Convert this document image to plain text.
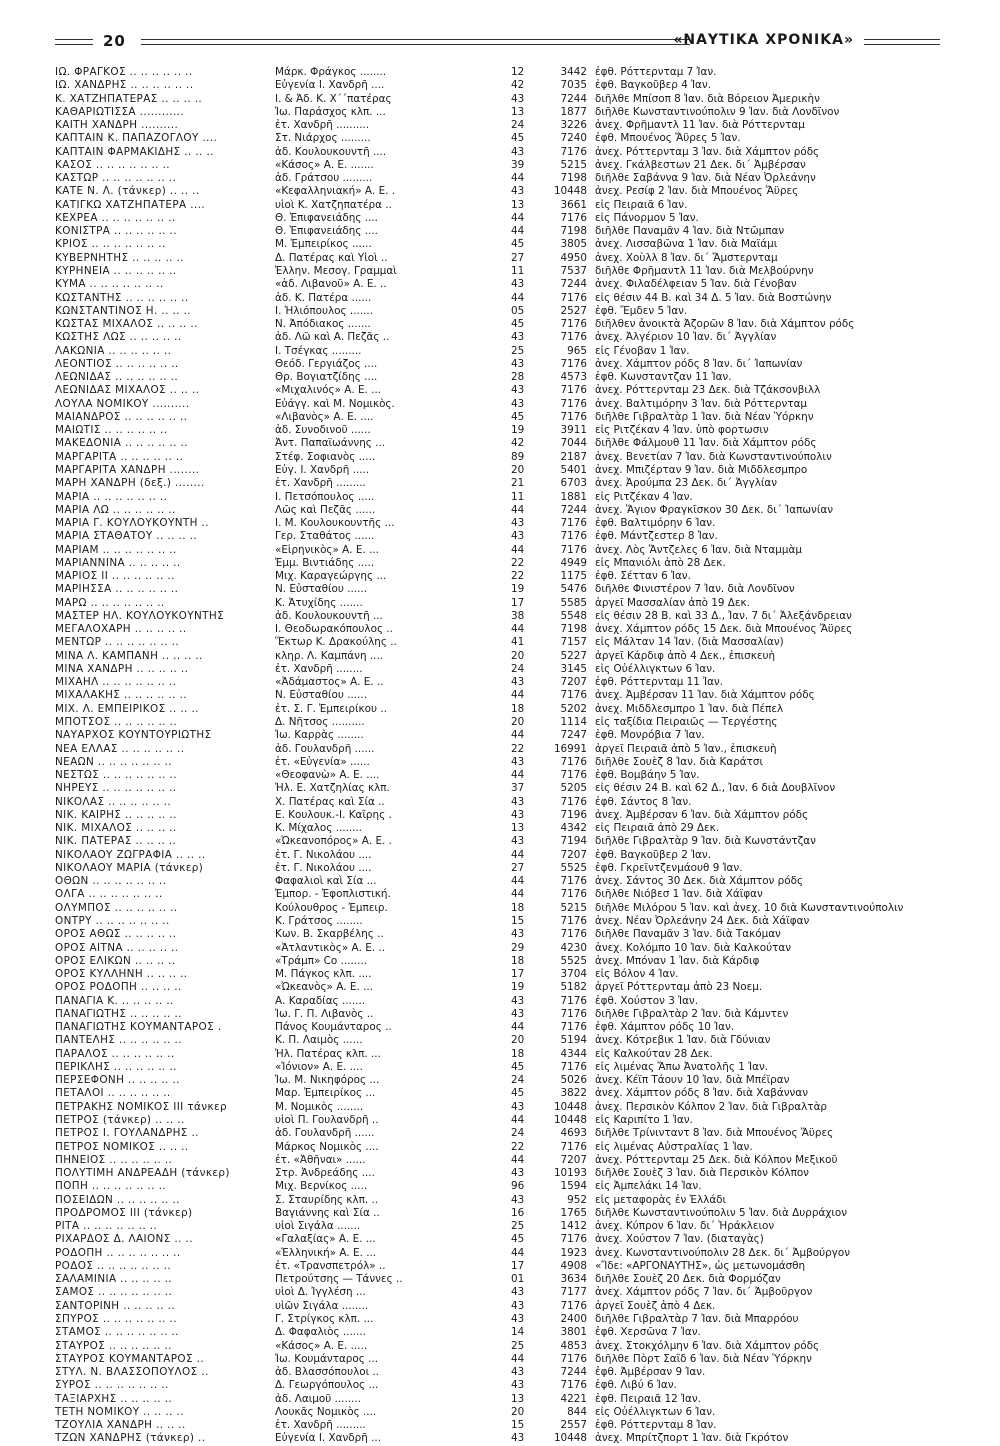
20	«ΝΑΥΤΙΚΑ ΧΡΟΝΙΚΑ»
ΙΩ. ΦΡΑΓΚΟΣ .. .. .. .. .. ..	Μάρκ. Φράγκος ........	12	3442 ἐφθ. Ρόττερνταμ 7 Ἰαν.
ΙΩ. ΧΑΝΔΡΗΣ .. .. .. .. .. ..	Εὐγενία Ι. Χανδρῆ ....	42	7035 ἐφθ. Βαγκοῦβερ 4 Ἰαν.
Κ. ΧΑΤΖΗΠΑΤΕΡΑΣ .. .. .. ..	Ι. & Ἀδ. Κ. Χ΄΄πατέρας	43	7244 διῆλθε Μπίσοπ 8 Ἰαν. διὰ Βόρειον Ἀμερικὴν
ΚΑΘΑΡΙΩΤΙΣΣΑ ............	Ἰω. Παράσχος κλπ. ...	13	1877 διῆλθε Κωνσταντινούπολιν 9 Ἰαν. διὰ Λονδῖνον
ΚΑΙΤΗ ΧΑΝΔΡΗ ..........	ἐτ. Χανδρῆ ..........	24	3226 ἀνεχ. Φρῆμαντλ 11 Ἰαν. διὰ Ρόττερνταμ
ΚΑΠΤΑΙΝ Κ. ΠΑΠΑΖΟΓΛΟΥ ....	Στ. Νιάρχος .........	45	7240 ἐφθ. Μπουένος Ἄϋρες 5 Ἰαν.
ΚΑΠΤΑΙΝ ΦΑΡΜΑΚΙΔΗΣ .. .. ..	ἀδ. Κουλουκουντῆ ....	43	7176 ἀνεχ. Ρόττερνταμ 3 Ἰαν. διὰ Χάμπτον ρόδς
ΚΑΣΟΣ .. .. .. .. .. .. ..	«Κάσος» Α. Ε. .......	39	5215 ἀνεχ. Γκάλβεστων 21 Δεκ. δι΄ Ἀμβέρσαν
ΚΑΣΤΩΡ .. .. .. .. .. .. ..	ἀδ. Γράτσου .........	44	7198 διῆλθε Σαβάννα 9 Ἰαν. διὰ Νέαν Ὀρλεάνην
ΚΑΤΕ Ν. Λ. (τάνκερ) .. .. ..	«Κεφαλληνιακή» Α. Ε. .	43	10448 ἀνεχ. Ρεσίφ 2 Ἰαν. διὰ Μπουένος Ἄϋρες
ΚΑΤΙΓΚΩ ΧΑΤΖΗΠΑΤΕΡΑ ....	υἱοὶ Κ. Χατζηπατέρα ..	13	3661 εἰς Πειραιᾶ 6 Ἰαν.
ΚΕΧΡΕΑ .. .. .. .. .. .. ..	Θ. Ἐπιφανειάδης ....	44	7176 εἰς Πάνορμον 5 Ἰαν.
ΚΟΝΙΣΤΡΑ .. .. .. .. .. ..	Θ. Ἐπιφανειάδης ....	44	7198 διῆλθε Παναμᾶν 4 Ἰαν. διὰ Ντῶμπαν
ΚΡΙΟΣ .. .. .. .. .. .. ..	Μ. Ἐμπειρίκος ......	45	3805 ἀνεχ. Λισσαβῶνα 1 Ἰαν. διὰ Μαϊάμι
ΚΥΒΕΡΝΗΤΗΣ .. .. .. .. ..	Δ. Πατέρας καὶ Υἱοὶ ..	27	4950 ἀνεχ. Χοὺλλ 8 Ἰαν. δι΄ Ἄμστερνταμ
ΚΥΡΗΝΕΙΑ .. .. .. .. .. ..	Ἑλλην. Μεσογ. Γραμμαὶ	11	7537 διῆλθε Φρῆμαντλ 11 Ἰαν. διὰ Μελβούρνην
ΚΥΜΑ .. .. .. .. .. .. ..	«ἀδ. Λιβανοῦ» Α. Ε. ..	43	7244 ἀνεχ. Φιλαδέλφειαν 5 Ἰαν. διὰ Γένοβαν
ΚΩΣΤΑΝΤΗΣ .. .. .. .. .. ..	ἀδ. Κ. Πατέρα ......	44	7176 εἰς θέσιν 44 Β. καὶ 34 Δ. 5 Ἰαν. διὰ Βοστώνην
ΚΩΝΣΤΑΝΤΙΝΟΣ Η. .. .. ..	Ι. Ἡλιόπουλος .......	05	2527 ἐφθ. Ἔμδεν 5 Ἰαν.
ΚΩΣΤΑΣ ΜΙΧΑΛΟΣ .. .. .. ..	Ν. Ἀπόδιακος .......	45	7176 διῆλθεν ἀνοικτὰ Ἀζορῶν 8 Ἰαν. διὰ Χάμπτον ρόδς
ΚΩΣΤΗΣ ΛΩΣ .. .. .. .. ..	ἀδ. Λῶ καὶ Α. Πεζᾶς ..	43	7176 ἀνεχ. Ἀλγέριον 10 Ἰαν. δι΄ Ἀγγλίαν
ΛΑΚΩΝΙΑ .. .. .. .. .. ..	Ι. Τσέγκας .........	25	965 εἰς Γένοβαν 1 Ἰαν.
ΛΕΟΝΤΙΟΣ .. .. .. .. .. ..	Θεόδ. Γεργιάζος ....	43	7176 ἀνεχ. Χάμπτον ρόδς 8 Ἰαν. δι΄ Ἰαπωνίαν
ΛΕΩΝΙΔΑΣ .. .. .. .. .. ..	Θρ. Βογιατζίδης ....	28	4573 ἐφθ. Κωνσταντζαν 11 Ἰαν.
ΛΕΩΝΙΔΑΣ ΜΙΧΑΛΟΣ .. .. ..	«Μιχαλινός» Α. Ε. ...	43	7176 ἀνεχ. Ρόττερνταμ 23 Δεκ. διὰ Τζάκσονβιλλ
ΛΟΥΛΑ ΝΟΜΙΚΟΥ ..........	Εὐάγγ. καὶ Μ. Νομικὸς.	43	7176 ἀνεχ. Βαλτιμόρην 3 Ἰαν. διὰ Ρόττερνταμ
ΜΑΙΑΝΔΡΟΣ .. .. .. .. .. ..	«Λιβανὸς» Α. Ε. ....	45	7176 διῆλθε Γιβραλτὰρ 1 Ἰαν. διὰ Νέαν Ὑόρκην
ΜΑΙΩΤΙΣ .. .. .. .. .. ..	ἀδ. Συνοδινοῦ ......	19	3911 εἰς Ριτζέκαν 4 Ἰαν. ὑπὸ φορτωσιν
ΜΑΚΕΔΟΝΙΑ .. .. .. .. .. ..	Ἀντ. Παπαϊωάννης ...	42	7044 διῆλθε Φάλμουθ 11 Ἰαν. διὰ Χάμπτον ρόδς
ΜΑΡΓΑΡΙΤΑ .. .. .. .. .. ..	Στέφ. Σοφιανὸς .....	89	2187 ἀνεχ. Βενετίαν 7 Ἰαν. διὰ Κωνσταντινούπολιν
ΜΑΡΓΑΡΙΤΑ ΧΑΝΔΡΗ ........	Εὐγ. Ι. Χανδρῆ .....	20	5401 ἀνεχ. Μπιζέρταν 9 Ἰαν. διὰ Μιδδλεσμπρο
ΜΑΡΗ ΧΑΝΔΡΗ (δεξ.) ........	ἐτ. Χανδρῆ .........	21	6703 ἀνεχ. Ἀρούμπα 23 Δεκ. δι΄ Ἀγγλίαν
ΜΑΡΙΑ .. .. .. .. .. .. ..	Ι. Πετσόπουλος .....	11	1881 εἰς Ριτζέκαν 4 Ἰαν.
ΜΑΡΙΑ ΛΩ .. .. .. .. .. ..	Λῶς καὶ Πεζᾶς ......	44	7244 ἀνεχ. Ἅγιον Φραγκῖσκον 30 Δεκ. δι΄ Ἰαπωνίαν
ΜΑΡΙΑ Γ. ΚΟΥΛΟΥΚΟΥΝΤΗ ..	Ι. Μ. Κουλουκουντῆς ...	43	7176 ἐφθ. Βαλτιμόρην 6 Ἰαν.
ΜΑΡΙΑ ΣΤΑΘΑΤΟΥ .. .. .. ..	Γερ. Σταθάτος ......	43	7176 ἐφθ. Μάντζεστερ 8 Ἰαν.
ΜΑΡΙΑΜ .. .. .. .. .. .. ..	«Εἰρηνικὸς» Α. Ε. ...	44	7176 ἀνεχ. Λὸς Ἄντζελες 6 Ἰαν. διὰ Νταμμὰμ
ΜΑΡΙΑΝΝΙΝΑ .. .. .. .. ..	Ἐμμ. Βιντιάδης .....	22	4949 εἰς Μπανιόλι ἀπὸ 28 Δεκ.
ΜΑΡΙΟΣ ΙΙ .. .. .. .. .. ..	Μιχ. Καραγεώργης ...	22	1175 ἐφθ. Σέτταν 6 Ἰαν.
ΜΑΡΙΗΣΣΑ .. .. .. .. .. ..	Ν. Εὐσταθίου ......	19	5476 διῆλθε Φινιστέρον 7 Ἰαν. διὰ Λονδῖνον
ΜΑΡΩ .. .. .. .. .. .. ..	Κ. Ἀτυχίδης .......	17	5585 ἀργεῖ Μασσαλίαν ἀπὸ 19 Δεκ.
ΜΑΣΤΕΡ ΗΛ. ΚΟΥΛΟΥΚΟΥΝΤΗΣ	ἀδ. Κουλουκουντῆ ...	38	5548 εἰς θέσιν 28 Β. καὶ 33 Δ., Ἰαν. 7 δι΄ Ἀλεξάνδρειαν
ΜΕΓΑΛΟΧΑΡΗ .. .. .. .. ..	Ι. Θεοδωρακόπουλος ..	44	7198 ἀνεχ. Χάμπτον ρόδς 15 Δεκ. διὰ Μπουένος Ἄϋρες
ΜΕΝΤΩΡ .. .. .. .. .. .. ..	Ἕκτωρ Κ. Δρακούλης ..	41	7157 εἰς Μάλταν 14 Ἰαν. (διὰ Μασσαλίαν)
ΜΙΝΑ Λ. ΚΑΜΠΑΝΗ .. .. .. ..	κληρ. Λ. Καμπάνη ....	20	5227 ἀργεῖ Κάρδιφ ἀπὸ 4 Δεκ., ἐπισκευὴ
ΜΙΝΑ ΧΑΝΔΡΗ .. .. .. .. ..	ἐτ. Χανδρῆ ........	24	3145 εἰς Οὐέλλιγκτων 6 Ἰαν.
ΜΙΧΑΗΛ .. .. .. .. .. .. ..	«Ἀδάμαστος» Α. Ε. ..	43	7207 ἐφθ. Ρόττερνταμ 11 Ἰαν.
ΜΙΧΑΛΑΚΗΣ .. .. .. .. .. ..	Ν. Εὐσταθίου ......	44	7176 ἀνεχ. Ἀμβέρσαν 11 Ἰαν. διὰ Χάμπτον ρόδς
ΜΙΧ. Λ. ΕΜΠΕΙΡΙΚΟΣ .. .. ..	ἐτ. Σ. Γ. Ἐμπειρίκου ..	18	5202 ἀνεχ. Μιδδλεσμπρο 1 Ἰαν. διὰ Πέπελ
ΜΠΟΤΣΟΣ .. .. .. .. .. ..	Δ. Νῆτσος ..........	20	1114 εἰς ταξίδια Πειραιῶς — Τεργέστης
ΝΑΥΑΡΧΟΣ ΚΟΥΝΤΟΥΡΙΩΤΗΣ	Ἰω. Καρρὰς ........	44	7247 ἐφθ. Μονρόβια 7 Ἰαν.
ΝΕΑ ΕΛΛΑΣ .. .. .. .. .. ..	ἀδ. Γουλανδρῆ ......	22	16991 ἀργεῖ Πειραιᾶ ἀπὸ 5 Ἰαν., ἐπισκευὴ
ΝΕΑΩΝ .. .. .. .. .. .. ..	ἐτ. «Εὐγενία» ......	43	7176 διῆλθε Σουὲζ 8 Ἰαν. διὰ Καράτσι
ΝΕΣΤΩΣ .. .. .. .. .. .. ..	«Θεοφανὼ» Α. Ε. ....	44	7176 ἐφθ. Βομβάην 5 Ἰαν.
ΝΗΡΕΥΣ .. .. .. .. .. .. ..	Ἠλ. Ε. Χατζηλίας κλπ.	37	5205 εἰς θέσιν 24 Β. καὶ 62 Δ., Ἰαν. 6 διὰ Δουβλῖνον
ΝΙΚΟΛΑΣ .. .. .. .. .. ..	Χ. Πατέρας καὶ Σία ..	43	7176 ἐφθ. Σάντος 8 Ἰαν.
ΝΙΚ. ΚΑΙΡΗΣ .. .. .. .. ..	Ε. Κουλουκ.-Ι. Καΐρης .	43	7196 ἀνεχ. Ἀμβέρσαν 6 Ἰαν. διὰ Χάμπτον ρόδς
ΝΙΚ. ΜΙΧΑΛΟΣ .. .. .. ..	Κ. Μίχαλος ........	13	4342 εἰς Πειραιᾶ ἀπὸ 29 Δεκ.
ΝΙΚ. ΠΑΤΕΡΑΣ .. .. .. ..	«Ὠκεανοπόρος» Α. Ε. .	43	7194 διῆλθε Γιβραλτὰρ 9 Ἰαν. διὰ Κωνστάντζαν
ΝΙΚΟΛΑΟΥ ΖΩΓΡΑΦΙΑ .. .. ..	ἐτ. Γ. Νικολάου ....	44	7207 ἐφθ. Βαγκοῦβερ 2 Ἰαν.
ΝΙΚΟΛΑΟΥ ΜΑΡΙΑ (τάνκερ)	ἐτ. Γ. Νικολάου ....	27	5525 ἐφθ. Γκρεϊντζενμάουθ 9 Ἰαν.
ΟΘΩΝ .. .. .. .. .. .. ..	Φαφαλιοὶ καὶ Σία ...	44	7176 ἀνεχ. Σάντος 30 Δεκ. διὰ Χάμπτον ρόδς
ΟΛΓΑ .. .. .. .. .. .. ..	Ἐμπορ. - Ἐφοπλιστική.	44	7176 διῆλθε Νιόβεσ 1 Ἰαν. διὰ Χάϊφαν
ΟΛΥΜΠΟΣ .. .. .. .. .. ..	Κούλουθρος - Ἐμπειρ.	18	5215 διῆλθε Μιλόρου 5 Ἰαν. καὶ ἀνεχ. 10 διὰ Κωνσταντινούπολιν
ΟΝΤΡΥ .. .. .. .. .. .. ..	Κ. Γράτσος ........	15	7176 ἀνεχ. Νέαν Ὀρλεάνην 24 Δεκ. διὰ Χάϊφαν
ΟΡΟΣ ΑΘΩΣ .. .. .. .. ..	Κων. Β. Σκαρβέλης ..	43	7176 διῆλθε Παναμᾶν 3 Ἰαν. διὰ Τακόμαν
ΟΡΟΣ ΑΙΤΝΑ .. .. .. .. ..	«Ἀτλαντικὸς» Α. Ε. ..	29	4230 ἀνεχ. Κολόμπο 10 Ἰαν. διὰ Καλκούταν
ΟΡΟΣ ΕΛΙΚΩΝ .. .. .. ..	«Τράμπ» Co ........	18	5525 ἀνεχ. Μπόναν 1 Ἰαν. διὰ Κάρδιφ
ΟΡΟΣ ΚΥΛΛΗΝΗ .. .. .. ..	Μ. Πάγκος κλπ. ....	17	3704 εἰς Βόλον 4 Ἰαν.
ΟΡΟΣ ΡΟΔΟΠΗ .. .. .. ..	«Ὠκεανὸς» Α. Ε. ...	19	5182 ἀργεῖ Ρόττερνταμ ἀπὸ 23 Νοεμ.
ΠΑΝΑΓΙΑ Κ. .. .. .. .. ..	Α. Καραδίας .......	43	7176 ἐφθ. Χούστον 3 Ἰαν.
ΠΑΝΑΓΙΩΤΗΣ .. .. .. .. ..	Ἰω. Γ. Π. Λιβανὸς ..	43	7176 διῆλθε Γιβραλτὰρ 2 Ἰαν. διὰ Κάμντεν
ΠΑΝΑΓΙΩΤΗΣ ΚΟΥΜΑΝΤΑΡΟΣ .	Πάνος Κουμάνταρος ..	44	7176 ἐφθ. Χάμπτον ρόδς 10 Ἰαν.
ΠΑΝΤΕΛΗΣ .. .. .. .. .. ..	Κ. Π. Λαιμὸς ......	20	5194 ἀνεχ. Κότρεβικ 1 Ἰαν. διὰ Γδύνιαν
ΠΑΡΑΛΟΣ .. .. .. .. .. ..	Ἠλ. Πατέρας κλπ. ...	18	4344 εἰς Καλκούταν 28 Δεκ.
ΠΕΡΙΚΛΗΣ .. .. .. .. .. ..	«Ἰόνιον» Α. Ε. ....	45	7176 εἰς λιμένας Ἄπω Ἀνατολῆς 1 Ἰαν.
ΠΕΡΣΕΦΟΝΗ .. .. .. .. ..	Ἰω. Μ. Νικηφόρος ...	24	5026 ἀνεχ. Κέϊπ Τάουν 10 Ἰαν. διὰ Μπέϊραν
ΠΕΤΑΛΟΙ .. .. .. .. .. ..	Μαρ. Ἐμπειρίκος ...	45	3822 ἀνεχ. Χάμπτον ρόδς 8 Ἰαν. διὰ Χαβάνναν
ΠΕΤΡΑΚΗΣ ΝΟΜΙΚΟΣ ΙΙΙ τάνκερ	Μ. Νομικὸς ........	43	10448 ἀνεχ. Περσικὸν Κόλπον 2 Ἰαν. διὰ Γιβραλτὰρ
ΠΕΤΡΟΣ (τάνκερ) .. .. ..	υἱοὶ Π. Γουλανδρῆ ..	44	10448 εἰς Καριπίτο 1 Ἰαν.
ΠΕΤΡΟΣ Ι. ΓΟΥΛΑΝΔΡΗΣ ..	ἀδ. Γουλανδρῆ ......	24	4693 διῆλθε Τρίνινταντ 8 Ἰαν. διὰ Μπουένος Ἄϋρες
ΠΕΤΡΟΣ ΝΟΜΙΚΟΣ .. .. ..	Μάρκος Νομικὸς ....	22	7176 εἰς λιμένας Αὐστραλίας 1 Ἰαν.
ΠΗΝΕΙΟΣ .. .. .. .. .. ..	ἐτ. «Ἀθῆναι» ......	44	7207 ἀνεχ. Ρόττερνταμ 25 Δεκ. διὰ Κόλπον Μεξικοῦ
ΠΟΛΥΤΙΜΗ ΑΝΔΡΕΑΔΗ (τάνκερ)	Στρ. Ἀνδρεάδης ....	43	10193 διῆλθε Σουὲζ 3 Ἰαν. διὰ Περσικὸν Κόλπον
ΠΟΠΗ .. .. .. .. .. .. ..	Μιχ. Βερνίκος .....	96	1594 εἰς Ἀμπελάκι 14 Ἰαν.
ΠΟΣΕΙΔΩΝ .. .. .. .. .. ..	Σ. Σταυρίδης κλπ. ..	43	952 εἰς μεταφορὰς ἐν Ἑλλάδι
ΠΡΟΔΡΟΜΟΣ ΙΙΙ (τάνκερ)	Βαγιάννης καὶ Σία ..	16	1765 διῆλθε Κωνσταντινούπολιν 5 Ἰαν. διὰ Δυρράχιον
ΡΙΤΑ .. .. .. .. .. .. ..	υἱοὶ Σιγάλα .......	25	1412 ἀνεχ. Κύπρον 6 Ἰαν. δι΄ Ἡράκλειον
ΡΙΧΑΡΔΟΣ Δ. ΛΑΙΟΝΣ .. ..	«Γαλαξίας» Α. Ε. ...	45	7176 ἀνεχ. Χούστον 7 Ἰαν. (διαταγὰς)
ΡΟΔΟΠΗ .. .. .. .. .. .. ..	«Ἑλληνική» Α. Ε. ...	44	1923 ἀνεχ. Κωνσταντινούπολιν 28 Δεκ. δι΄ Ἀμβούργον
ΡΟΔΟΣ .. .. .. .. .. .. ..	ἐτ. «Τρανσπετρόλ» ..	17	4908 «Ἴδε: «ΑΡΓΟΝΑΥΤΗΣ», ὡς μετωνομάσθη
ΣΑΛΑΜΙΝΙΑ .. .. .. .. ..	Πετρούτσης — Τάννες ..	01	3634 διῆλθε Σουὲζ 20 Δεκ. διὰ Φορμόζαν
ΣΑΜΟΣ .. .. .. .. .. .. ..	υἱοὶ Δ. Ἰγγλέση ...	43	7177 ἀνεχ. Χάμπτον ρόδς 7 Ἰαν. δι΄ Ἀμβοῦργον
ΣΑΝΤΟΡΙΝΗ .. .. .. .. ..	υἱῶν Σιγάλα ........	43	7176 ἀργεῖ Σουὲζ ἀπὸ 4 Δεκ.
ΣΠΥΡΟΣ .. .. .. .. .. .. ..	Γ. Στρίγκος κλπ. ...	43	2400 διῆλθε Γιβραλτὰρ 7 Ἰαν. διὰ Μπαρρόου
ΣΤΑΜΟΣ .. .. .. .. .. .. ..	Δ. Φαφαλιὸς .......	14	3801 ἐφθ. Χερσῶνα 7 Ἰαν.
ΣΤΑΥΡΟΣ .. .. .. .. .. ..	«Κάσος» Α. Ε. .....	25	4853 ἀνεχ. Στοκχόλμην 6 Ἰαν. διὰ Χάμπτον ρόδς
ΣΤΑΥΡΟΣ ΚΟΥΜΑΝΤΑΡΟΣ ..	Ἰω. Κουμάνταρος ...	44	7176 διῆλθε Πὸρτ Σαΐδ 6 Ἰαν. διὰ Νέαν Ὑόρκην
ΣΤΥΛ. Ν. ΒΛΑΣΣΟΠΟΥΛΟΣ ..	ἀδ. Βλασσόπουλοι ..	43	7244 ἐφθ. Ἀμβέρσαν 9 Ἰαν.
ΣΥΡΟΣ .. .. .. .. .. .. ..	Δ. Γεωργόπουλος ...	43	7176 ἐφθ. Λιβύ 6 Ἰαν.
ΤΑΞΙΑΡΧΗΣ .. .. .. .. ..	ἀδ. Λαιμοῦ ........	13	4221 ἐφθ. Πειραιᾶ 12 Ἰαν.
ΤΕΤΗ ΝΟΜΙΚΟΥ .. .. .. ..	Λουκᾶς Νομικὸς ....	20	844 εἰς Οὐέλλιγκτων 6 Ἰαν.
ΤΖΟΥΛΙΑ ΧΑΝΔΡΗ .. .. ..	ἐτ. Χανδρῆ .........	15	2557 ἐφθ. Ρόττερνταμ 8 Ἰαν.
ΤΖΩΝ ΧΑΝΔΡΗΣ (τάνκερ) ..	Εὐγενία Ι. Χανδρῆ ...	43	10448 ἀνεχ. Μπρίτζπορτ 1 Ἰαν. διὰ Γκρότον
